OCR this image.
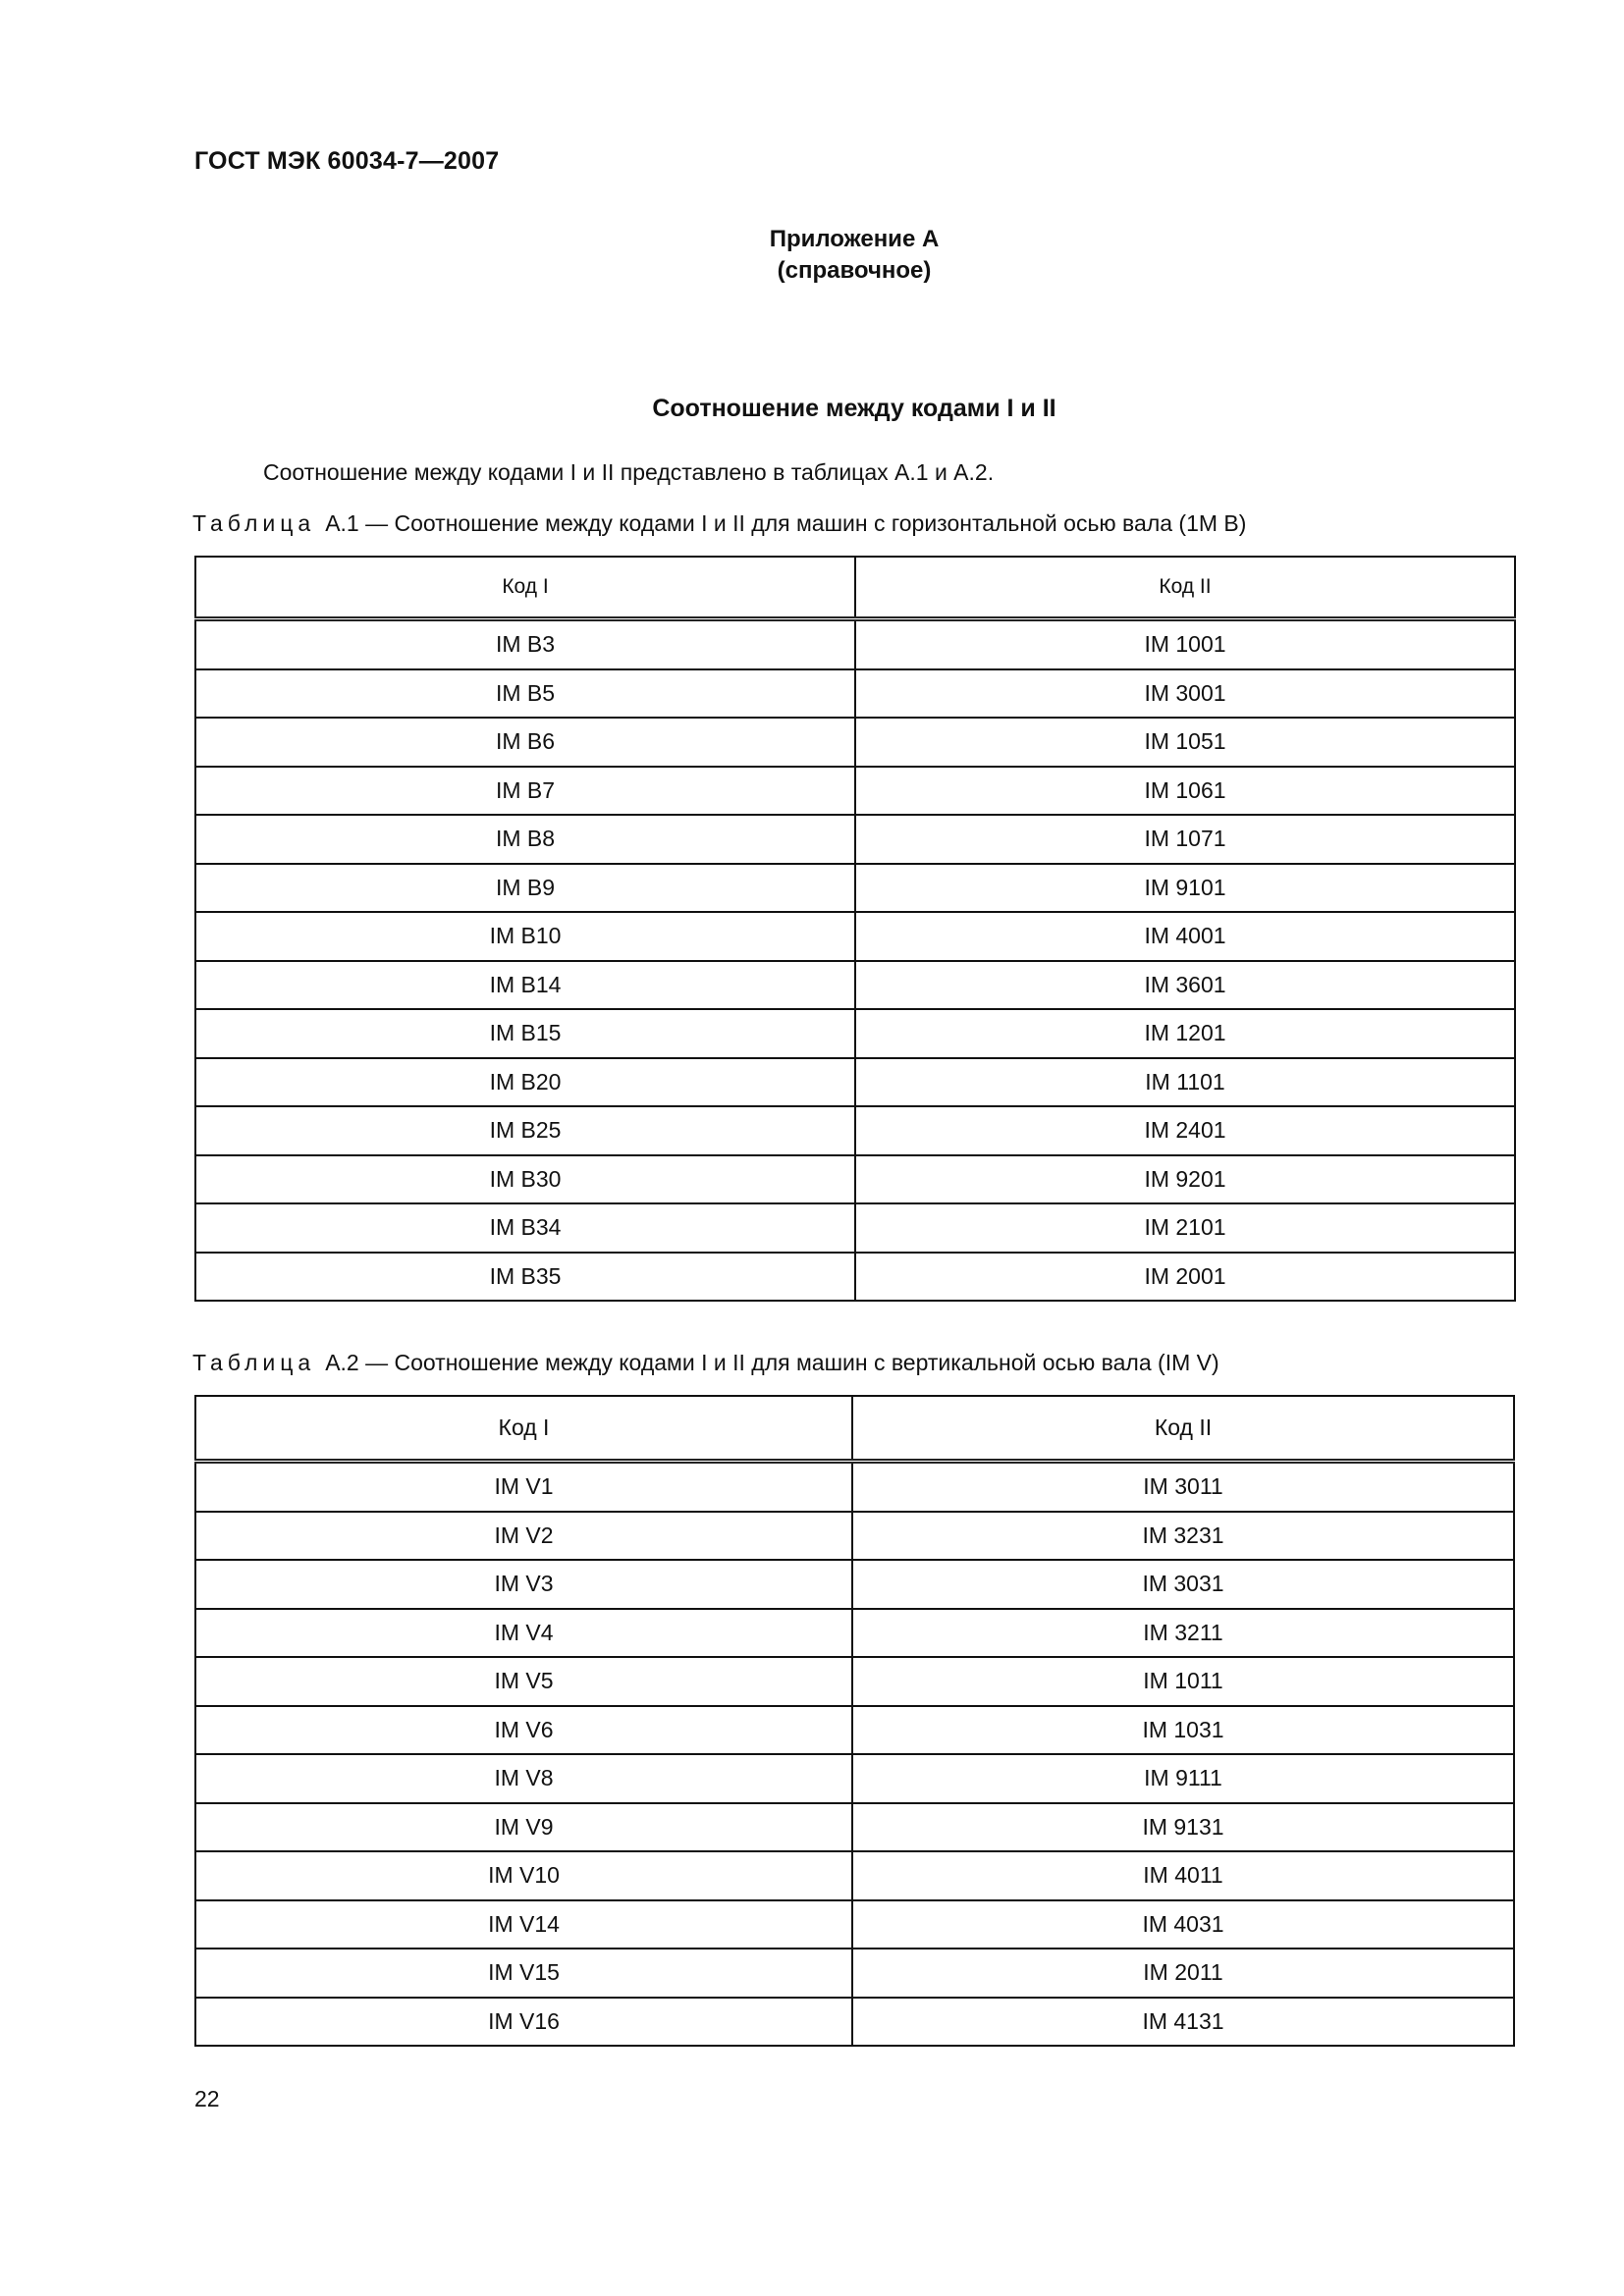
ГОСТ МЭК 60034-7—2007
Приложение А
(справочное)
Соотношение между кодами I и II
Соотношение между кодами I и II представлено в таблицах А.1 и А.2.
Таблица А.1 — Соотношение между кодами I и II для машин с горизонтальной осью вала (1M B)
Код I	Код II
IM B3	IM 1001
IM B5	IM 3001
IM B6	IM 1051
IM B7	IM 1061
IM B8	IM 1071
IM B9	IM 9101
IM B10	IM 4001
IM B14	IM 3601
IM B15	IM 1201
IM B20	IM 1101
IM B25	IM 2401
IM B30	IM 9201
IM B34	IM 2101
IM B35	IM 2001
Таблица А.2 — Соотношение между кодами I и II для машин с вертикальной осью вала (IM V)
Код I	Код II
IM V1	IM 3011
IM V2	IM 3231
IM V3	IM 3031
IM V4	IM 3211
IM V5	IM 1011
IM V6	IM 1031
IM V8	IM 9111
IM V9	IM 9131
IM V10	IM 4011
IM V14	IM 4031
IM V15	IM 2011
IM V16	IM 4131
22
